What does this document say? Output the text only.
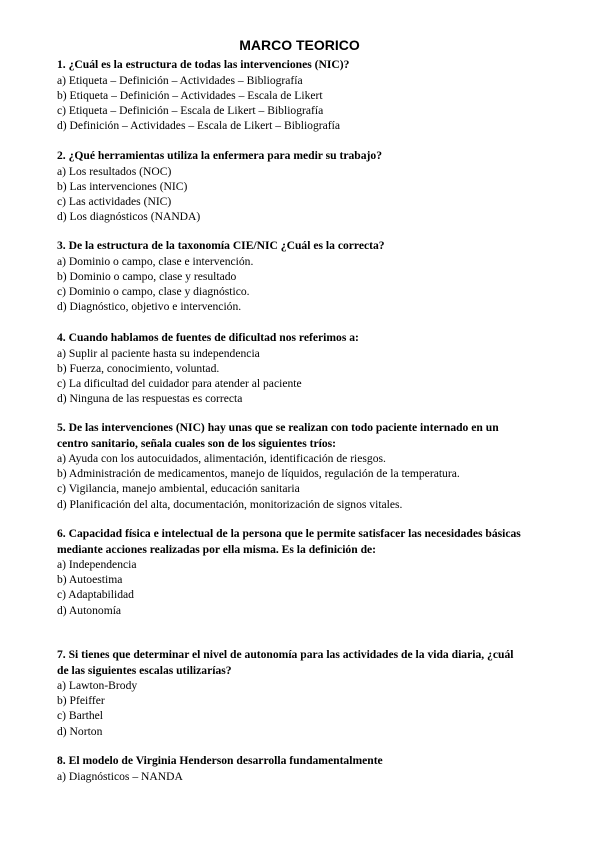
MARCO TEORICO
1. ¿Cuál es la estructura de todas las intervenciones (NIC)?
a) Etiqueta – Definición – Actividades – Bibliografía
b) Etiqueta – Definición – Actividades – Escala de Likert
c) Etiqueta – Definición – Escala de Likert – Bibliografía
d) Definición – Actividades – Escala de Likert – Bibliografía
2. ¿Qué herramientas utiliza la enfermera para medir su trabajo?
a) Los resultados (NOC)
b) Las intervenciones (NIC)
c) Las actividades (NIC)
d) Los diagnósticos (NANDA)
3. De la estructura de la taxonomía CIE/NIC ¿Cuál es la correcta?
a) Dominio o campo, clase e intervención.
b) Dominio o campo, clase y resultado
c) Dominio o campo, clase y diagnóstico.
d) Diagnóstico, objetivo e intervención.
4. Cuando hablamos de fuentes de dificultad nos referimos a:
a) Suplir al paciente hasta su independencia
b) Fuerza, conocimiento, voluntad.
c) La dificultad del cuidador para atender al paciente
d) Ninguna de las respuestas es correcta
5. De las intervenciones (NIC) hay unas que se realizan con todo paciente internado en un centro sanitario, señala cuales son de los siguientes tríos:
a) Ayuda con los autocuidados, alimentación, identificación de riesgos.
b) Administración de medicamentos, manejo de líquidos, regulación de la temperatura.
c) Vigilancia, manejo ambiental, educación sanitaria
d) Planificación del alta, documentación, monitorización de signos vitales.
6. Capacidad física e intelectual de la persona que le permite satisfacer las necesidades básicas mediante acciones realizadas por ella misma. Es la definición de:
a) Independencia
b) Autoestima
c) Adaptabilidad
d) Autonomía
7. Si tienes que determinar el nivel de autonomía para las actividades de la vida diaria, ¿cuál de las siguientes escalas utilizarías?
a) Lawton-Brody
b) Pfeiffer
c) Barthel
d) Norton
8. El modelo de Virginia Henderson desarrolla fundamentalmente
a) Diagnósticos – NANDA
